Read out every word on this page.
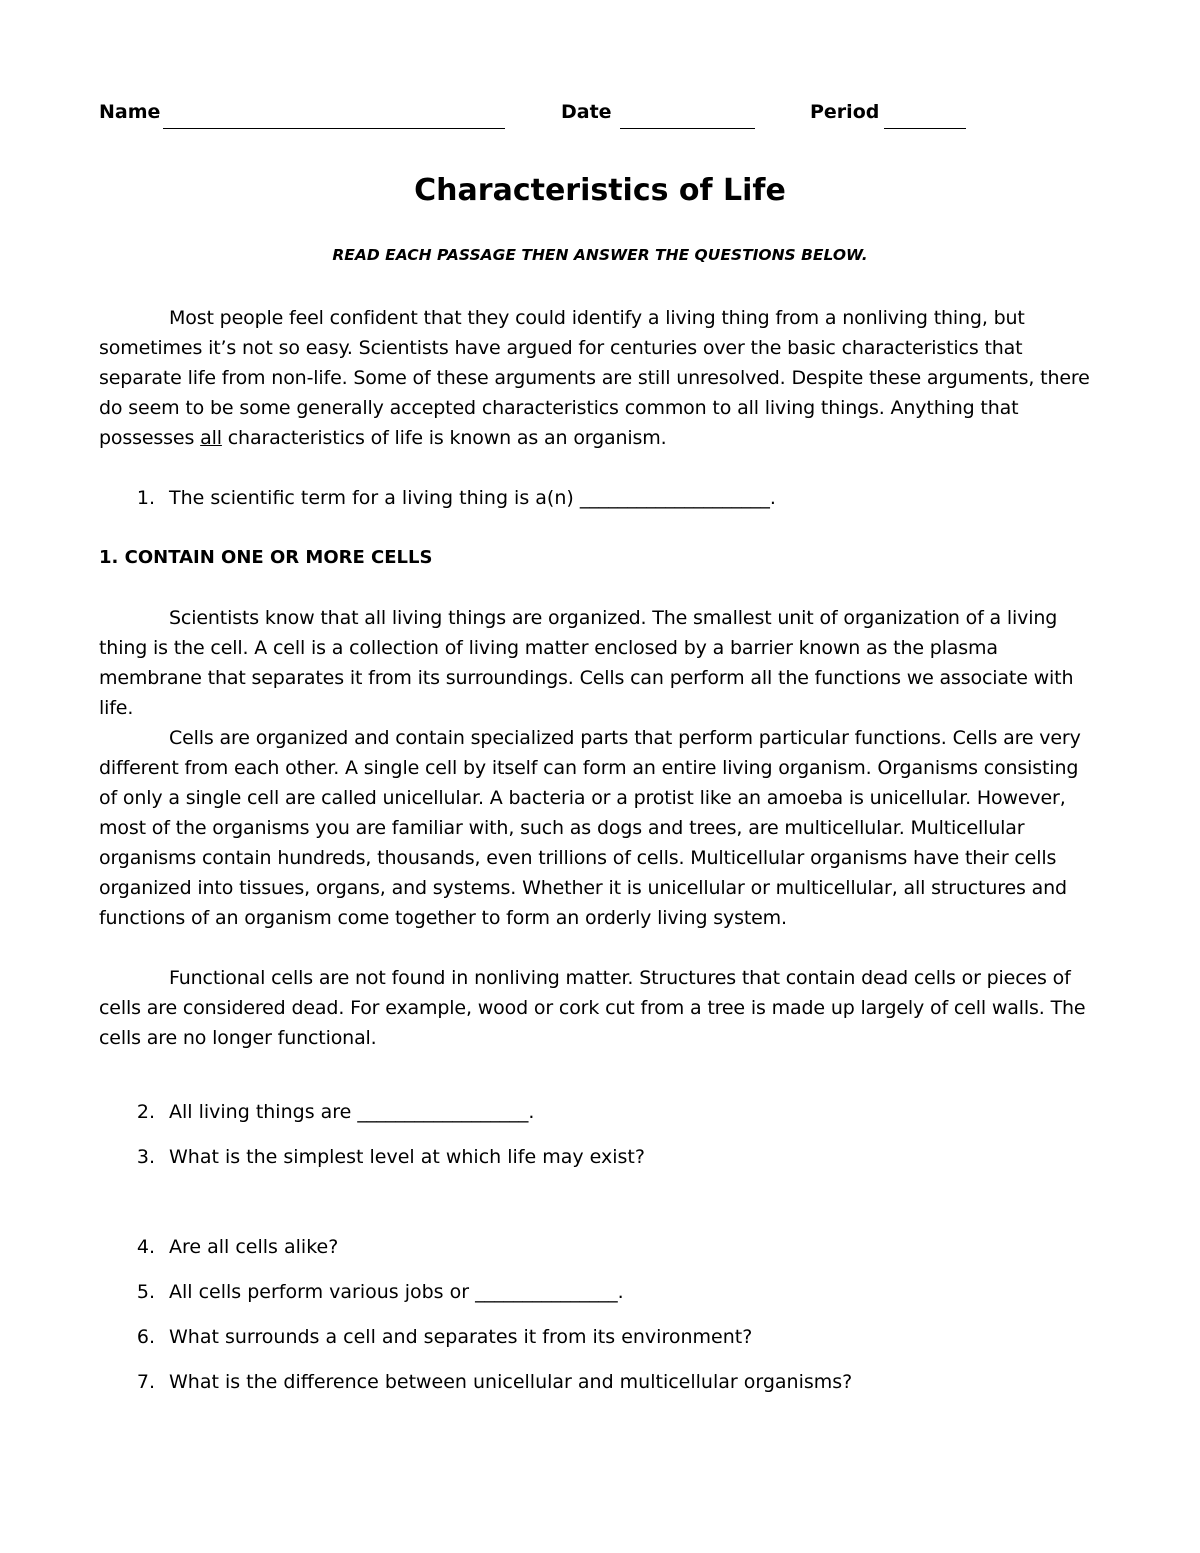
Name	Date	Period
Characteristics of Life

READ EACH PASSAGE THEN ANSWER THE QUESTIONS BELOW.

Most people feel confident that they could identify a living thing from a nonliving thing, but sometimes it’s not so easy. Scientists have argued for centuries over the basic characteristics that separate life from non-life. Some of these arguments are still unresolved. Despite these arguments, there do seem to be some generally accepted characteristics common to all living things. Anything that possesses all characteristics of life is known as an organism.

1. The scientific term for a living thing is a(n) ____________________.
1. CONTAIN ONE OR MORE CELLS

Scientists know that all living things are organized. The smallest unit of organization of a living thing is the cell. A cell is a collection of living matter enclosed by a barrier known as the plasma membrane that separates it from its surroundings. Cells can perform all the functions we associate with life.

Cells are organized and contain specialized parts that perform particular functions. Cells are very different from each other. A single cell by itself can form an entire living organism. Organisms consisting of only a single cell are called unicellular. A bacteria or a protist like an amoeba is unicellular. However, most of the organisms you are familiar with, such as dogs and trees, are multicellular. Multicellular organisms contain hundreds, thousands, even trillions of cells. Multicellular organisms have their cells organized into tissues, organs, and systems. Whether it is unicellular or multicellular, all structures and functions of an organism come together to form an orderly living system.

Functional cells are not found in nonliving matter. Structures that contain dead cells or pieces of cells are considered dead. For example, wood or cork cut from a tree is made up largely of cell walls. The cells are no longer functional.

2. All living things are __________________.
3. What is the simplest level at which life may exist?
4. Are all cells alike?
5. All cells perform various jobs or _______________.
6. What surrounds a cell and separates it from its environment?
7. What is the difference between unicellular and multicellular organisms?
